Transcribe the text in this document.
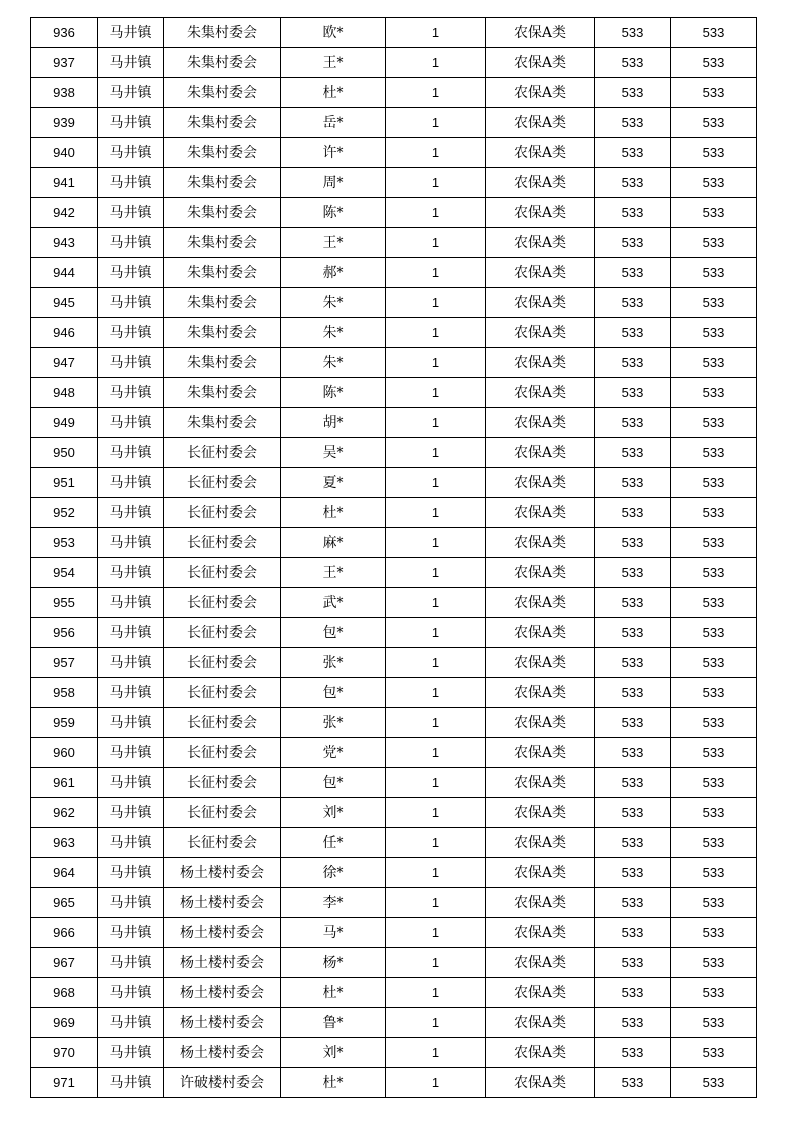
936	马井镇	朱集村委会	欧*	1	农保A类	533	533
937	马井镇	朱集村委会	王*	1	农保A类	533	533
938	马井镇	朱集村委会	杜*	1	农保A类	533	533
939	马井镇	朱集村委会	岳*	1	农保A类	533	533
940	马井镇	朱集村委会	许*	1	农保A类	533	533
941	马井镇	朱集村委会	周*	1	农保A类	533	533
942	马井镇	朱集村委会	陈*	1	农保A类	533	533
943	马井镇	朱集村委会	王*	1	农保A类	533	533
944	马井镇	朱集村委会	郝*	1	农保A类	533	533
945	马井镇	朱集村委会	朱*	1	农保A类	533	533
946	马井镇	朱集村委会	朱*	1	农保A类	533	533
947	马井镇	朱集村委会	朱*	1	农保A类	533	533
948	马井镇	朱集村委会	陈*	1	农保A类	533	533
949	马井镇	朱集村委会	胡*	1	农保A类	533	533
950	马井镇	长征村委会	吴*	1	农保A类	533	533
951	马井镇	长征村委会	夏*	1	农保A类	533	533
952	马井镇	长征村委会	杜*	1	农保A类	533	533
953	马井镇	长征村委会	麻*	1	农保A类	533	533
954	马井镇	长征村委会	王*	1	农保A类	533	533
955	马井镇	长征村委会	武*	1	农保A类	533	533
956	马井镇	长征村委会	包*	1	农保A类	533	533
957	马井镇	长征村委会	张*	1	农保A类	533	533
958	马井镇	长征村委会	包*	1	农保A类	533	533
959	马井镇	长征村委会	张*	1	农保A类	533	533
960	马井镇	长征村委会	党*	1	农保A类	533	533
961	马井镇	长征村委会	包*	1	农保A类	533	533
962	马井镇	长征村委会	刘*	1	农保A类	533	533
963	马井镇	长征村委会	任*	1	农保A类	533	533
964	马井镇	杨土楼村委会	徐*	1	农保A类	533	533
965	马井镇	杨土楼村委会	李*	1	农保A类	533	533
966	马井镇	杨土楼村委会	马*	1	农保A类	533	533
967	马井镇	杨土楼村委会	杨*	1	农保A类	533	533
968	马井镇	杨土楼村委会	杜*	1	农保A类	533	533
969	马井镇	杨土楼村委会	鲁*	1	农保A类	533	533
970	马井镇	杨土楼村委会	刘*	1	农保A类	533	533
971	马井镇	许破楼村委会	杜*	1	农保A类	533	533
